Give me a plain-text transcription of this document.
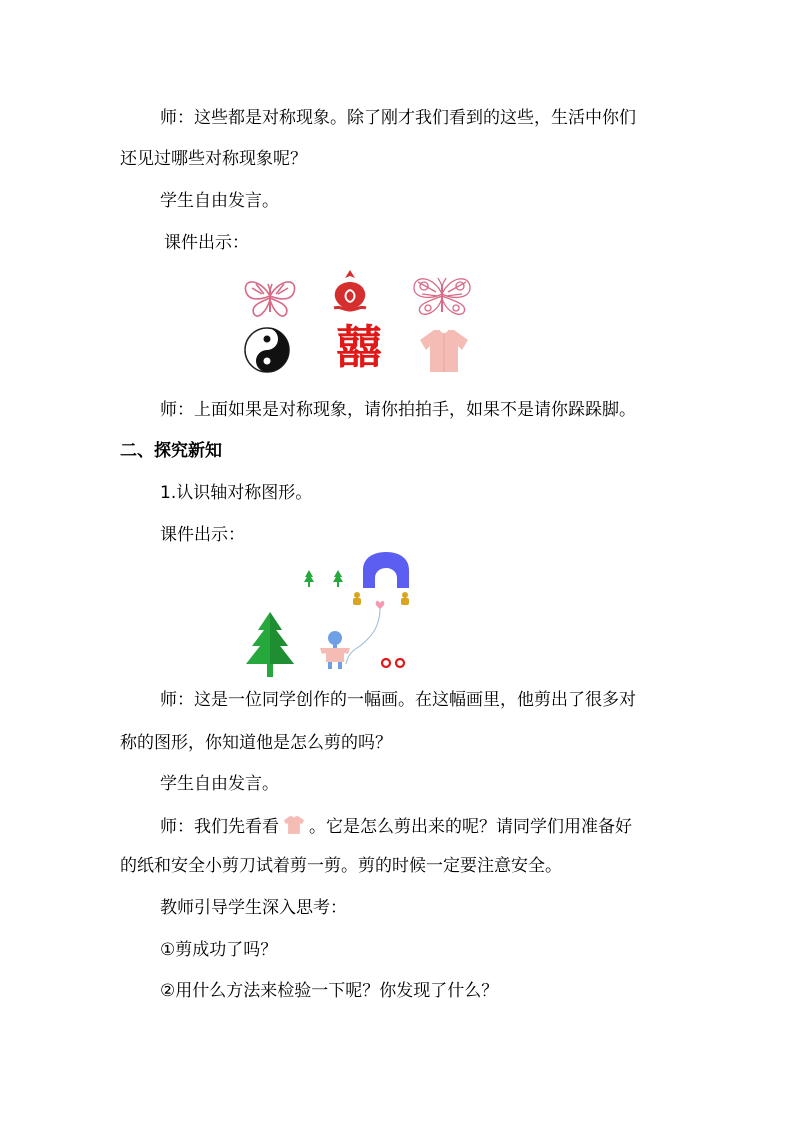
师：这些都是对称现象。除了刚才我们看到的这些，生活中你们
还见过哪些对称现象呢？
学生自由发言。
课件出示：
囍
师：上面如果是对称现象，请你拍拍手，如果不是请你跺跺脚。
二、探究新知
1.认识轴对称图形。
课件出示：
师：这是一位同学创作的一幅画。在这幅画里，他剪出了很多对
称的图形，你知道他是怎么剪的吗？
学生自由发言。
师：我们先看看 。它是怎么剪出来的呢？请同学们用准备好
的纸和安全小剪刀试着剪一剪。剪的时候一定要注意安全。
教师引导学生深入思考：
①剪成功了吗？
②用什么方法来检验一下呢？你发现了什么？
